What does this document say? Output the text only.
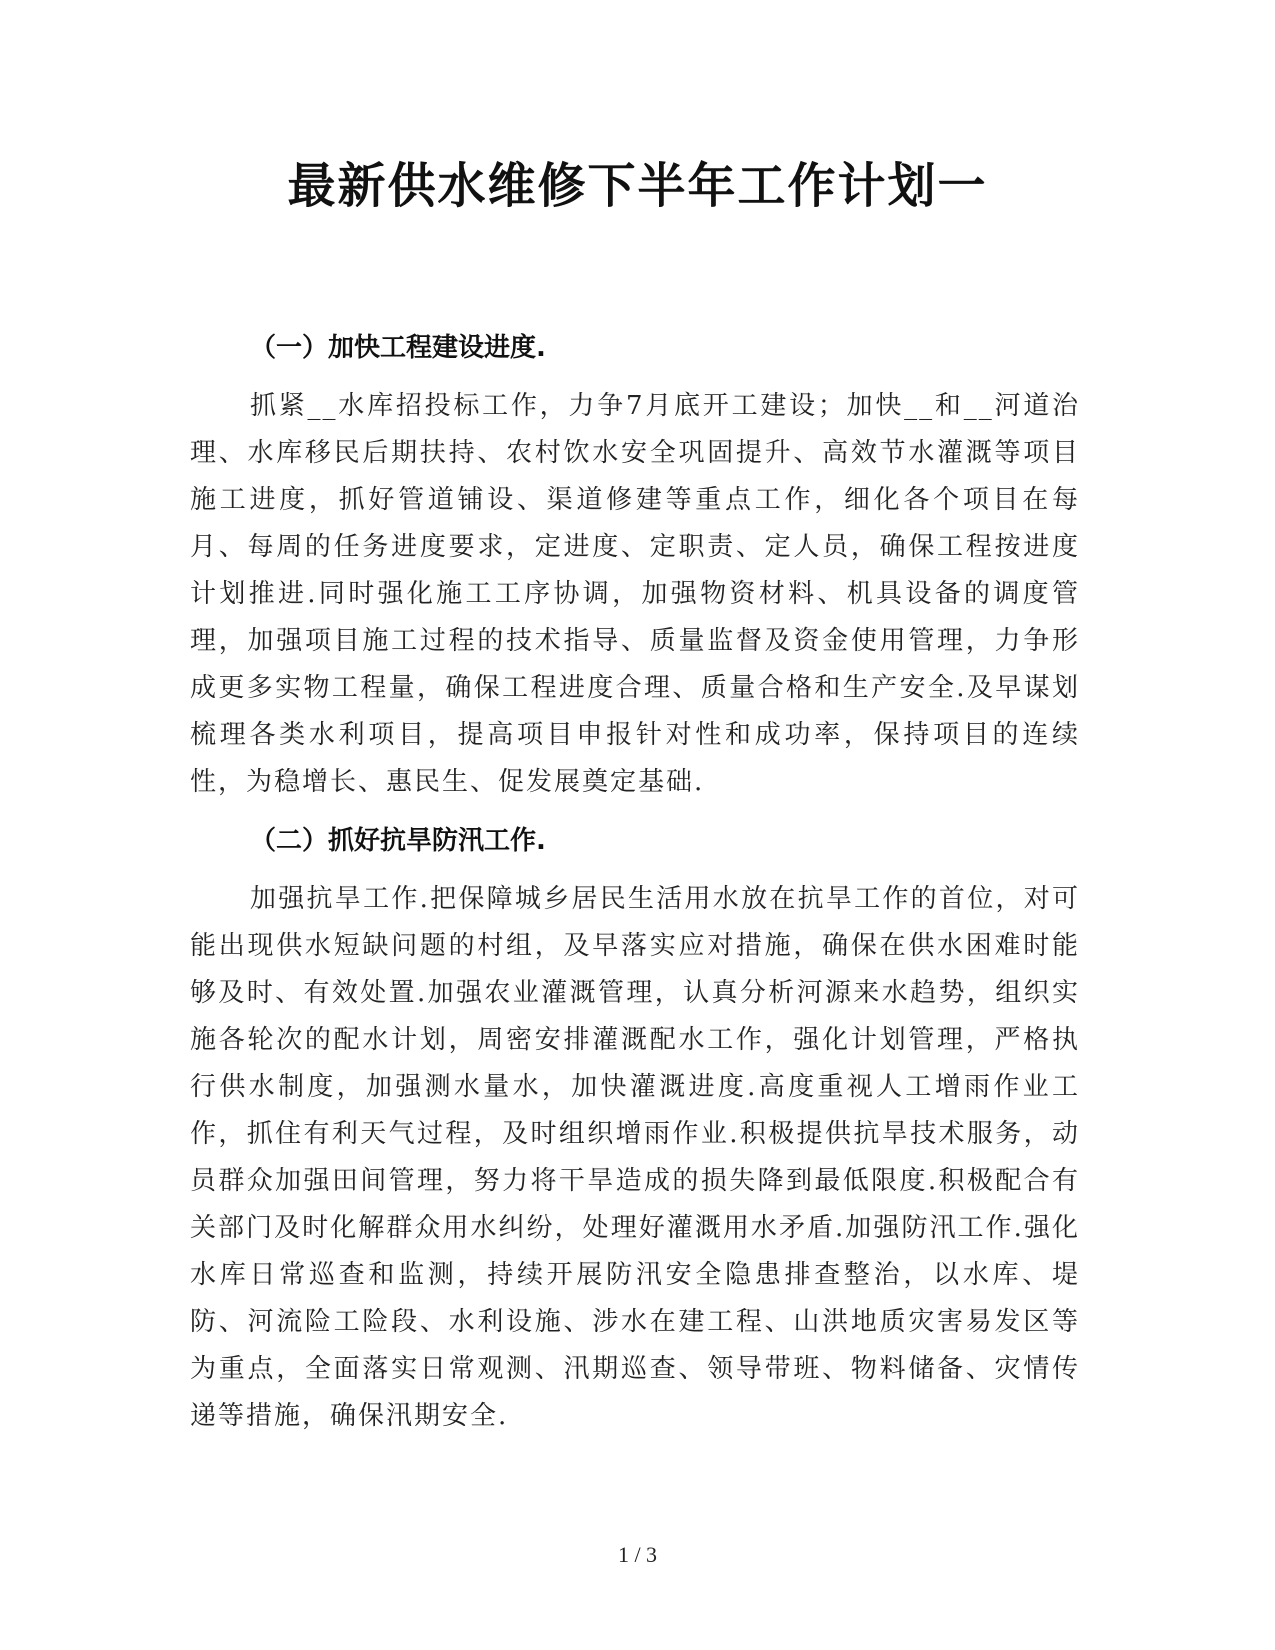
最新供水维修下半年工作计划一
（一）加快工程建设进度.

抓紧__水库招投标工作，力争7月底开工建设；加快__和__河道治理、水库移民后期扶持、农村饮水安全巩固提升、高效节水灌溉等项目施工进度，抓好管道铺设、渠道修建等重点工作，细化各个项目在每月、每周的任务进度要求，定进度、定职责、定人员，确保工程按进度计划推进.同时强化施工工序协调，加强物资材料、机具设备的调度管理，加强项目施工过程的技术指导、质量监督及资金使用管理，力争形成更多实物工程量，确保工程进度合理、质量合格和生产安全.及早谋划梳理各类水利项目，提高项目申报针对性和成功率，保持项目的连续性，为稳增长、惠民生、促发展奠定基础.

（二）抓好抗旱防汛工作.

加强抗旱工作.把保障城乡居民生活用水放在抗旱工作的首位，对可能出现供水短缺问题的村组，及早落实应对措施，确保在供水困难时能够及时、有效处置.加强农业灌溉管理，认真分析河源来水趋势，组织实施各轮次的配水计划，周密安排灌溉配水工作，强化计划管理，严格执行供水制度，加强测水量水，加快灌溉进度.高度重视人工增雨作业工作，抓住有利天气过程，及时组织增雨作业.积极提供抗旱技术服务，动员群众加强田间管理，努力将干旱造成的损失降到最低限度.积极配合有关部门及时化解群众用水纠纷，处理好灌溉用水矛盾.加强防汛工作.强化水库日常巡查和监测，持续开展防汛安全隐患排查整治，以水库、堤防、河流险工险段、水利设施、涉水在建工程、山洪地质灾害易发区等为重点，全面落实日常观测、汛期巡查、领导带班、物料储备、灾情传递等措施，确保汛期安全.

1 / 3
